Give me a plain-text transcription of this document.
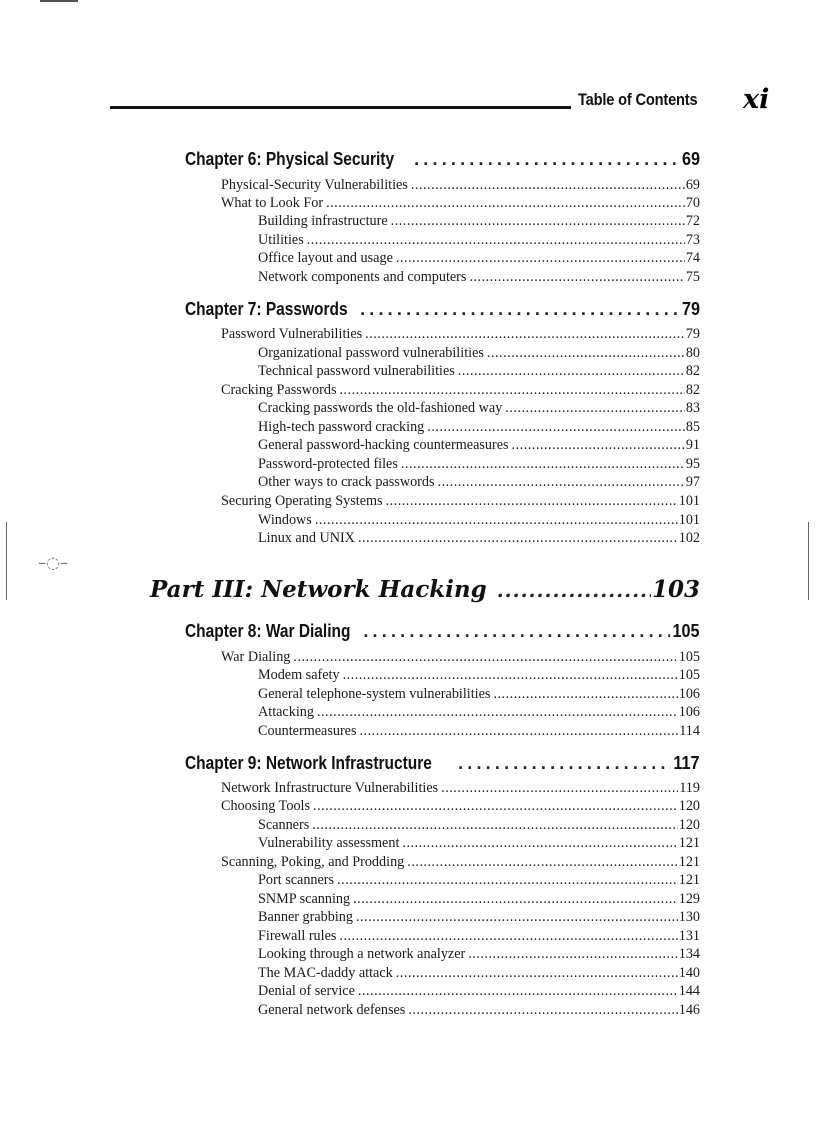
–◌–
Table of Contents xi
Chapter 6: Physical Security .....	69
Physical-Security Vulnerabilities .....	69
What to Look For .....	70
Building infrastructure .....	72
Utilities .....	73
Office layout and usage .....	74
Network components and computers .....	75
Chapter 7: Passwords .....	79
Password Vulnerabilities .....	79
Organizational password vulnerabilities .....	80
Technical password vulnerabilities .....	82
Cracking Passwords .....	82
Cracking passwords the old-fashioned way .....	83
High-tech password cracking .....	85
General password-hacking countermeasures .....	91
Password-protected files .....	95
Other ways to crack passwords .....	97
Securing Operating Systems .....	101
Windows .....	101
Linux and UNIX .....	102
Part III: Network Hacking .....	103
Chapter 8: War Dialing .....	105
War Dialing .....	105
Modem safety .....	105
General telephone-system vulnerabilities .....	106
Attacking .....	106
Countermeasures .....	114
Chapter 9: Network Infrastructure .....	117
Network Infrastructure Vulnerabilities .....	119
Choosing Tools .....	120
Scanners .....	120
Vulnerability assessment .....	121
Scanning, Poking, and Prodding .....	121
Port scanners .....	121
SNMP scanning .....	129
Banner grabbing .....	130
Firewall rules .....	131
Looking through a network analyzer .....	134
The MAC-daddy attack .....	140
Denial of service .....	144
General network defenses .....	146
